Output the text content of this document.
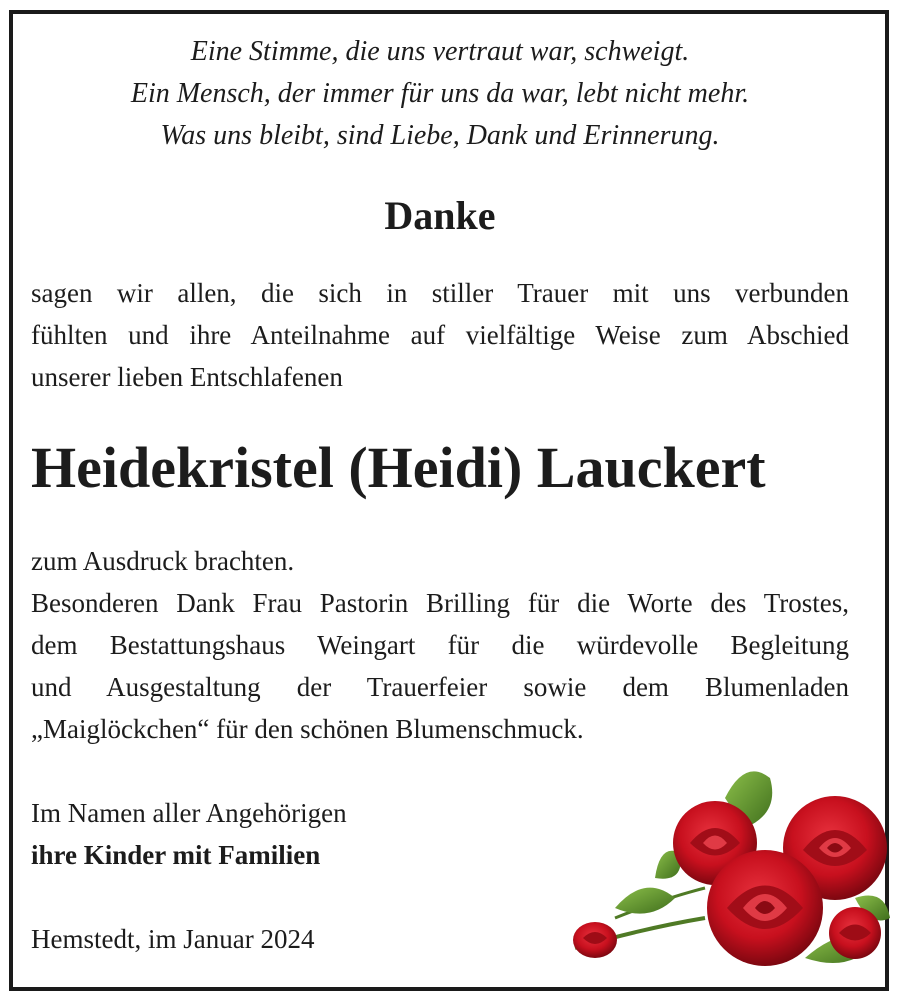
Eine Stimme, die uns vertraut war, schweigt.
Ein Mensch, der immer für uns da war, lebt nicht mehr.
Was uns bleibt, sind Liebe, Dank und Erinnerung.
Danke
sagen wir allen, die sich in stiller Trauer mit uns verbunden
fühlten und ihre Anteilnahme auf vielfältige Weise zum Abschied
unserer lieben Entschlafenen
Heidekristel (Heidi) Lauckert
zum Ausdruck brachten.
Besonderen Dank Frau Pastorin Brilling für die Worte des Trostes,
dem Bestattungshaus Weingart für die würdevolle Begleitung
und Ausgestaltung der Trauerfeier sowie dem Blumenladen
„Maiglöckchen“ für den schönen Blumenschmuck.
Im Namen aller Angehörigen
ihre Kinder mit Familien
Hemstedt, im Januar 2024
